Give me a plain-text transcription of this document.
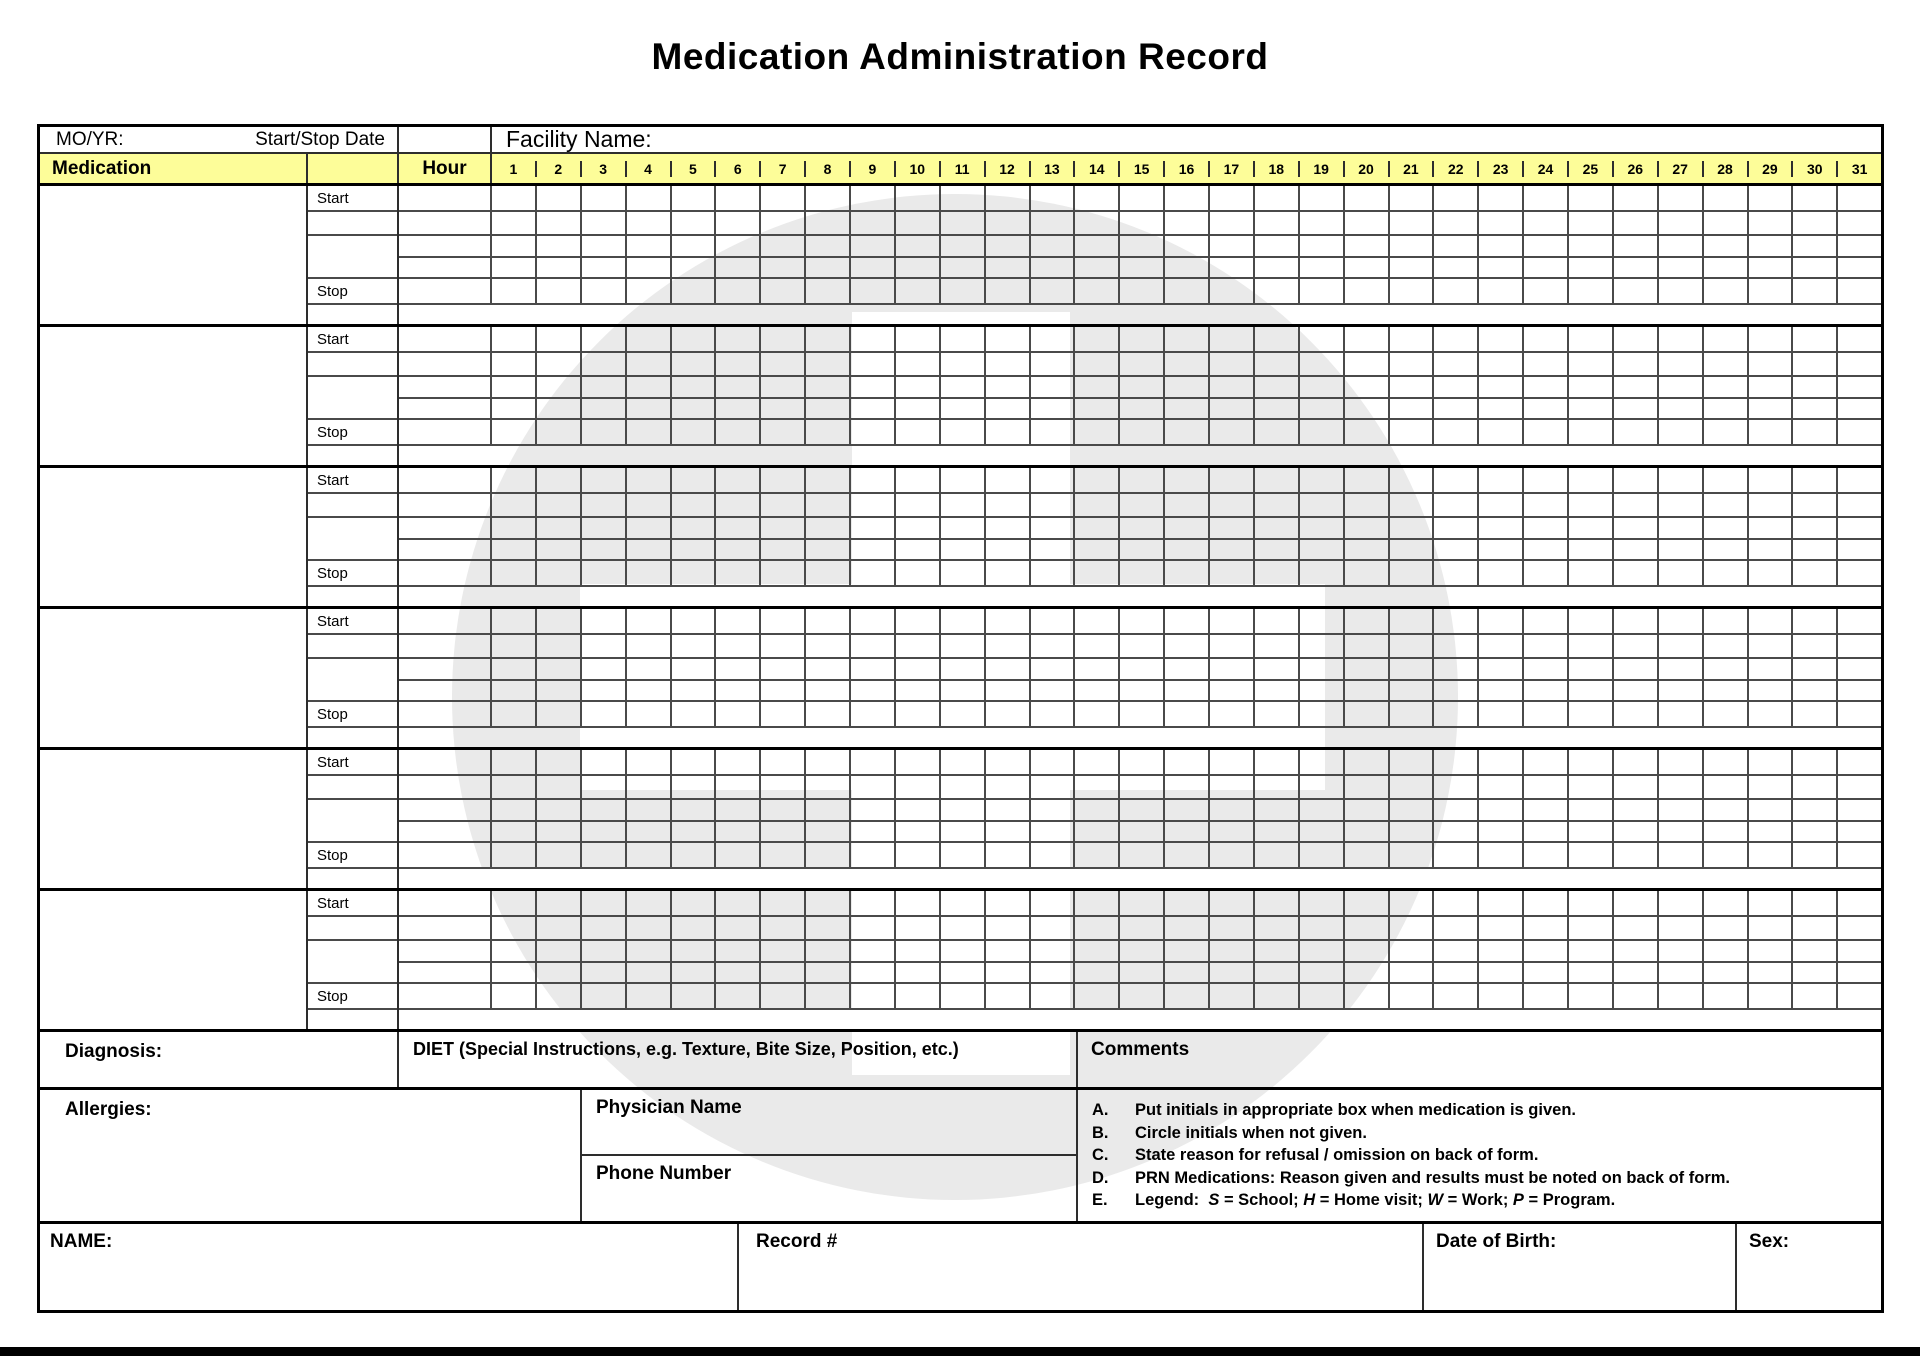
Medication Administration Record
MO/YR:	Start/Stop Date	Facility Name:
Medication	Hour	1	2	3	4	5	6	7	8	9	10	11	12	13	14	15	16	17	18	19	20	21	22	23	24	25	26	27	28	29	30	31
Start
Stop
Start
Stop
Start
Stop
Start
Stop
Start
Stop
Start
Stop
Diagnosis:	DIET (Special Instructions, e.g. Texture, Bite Size, Position, etc.)	Comments
Allergies:	Physician Name
Phone Number
A.	Put initials in appropriate box when medication is given.
B.	Circle initials when not given.
C.	State reason for refusal / omission on back of form.
D.	PRN Medications: Reason given and results must be noted on back of form.
E.	Legend:  S = School; H = Home visit; W = Work; P = Program.
NAME:	Record #	Date of Birth:	Sex:
